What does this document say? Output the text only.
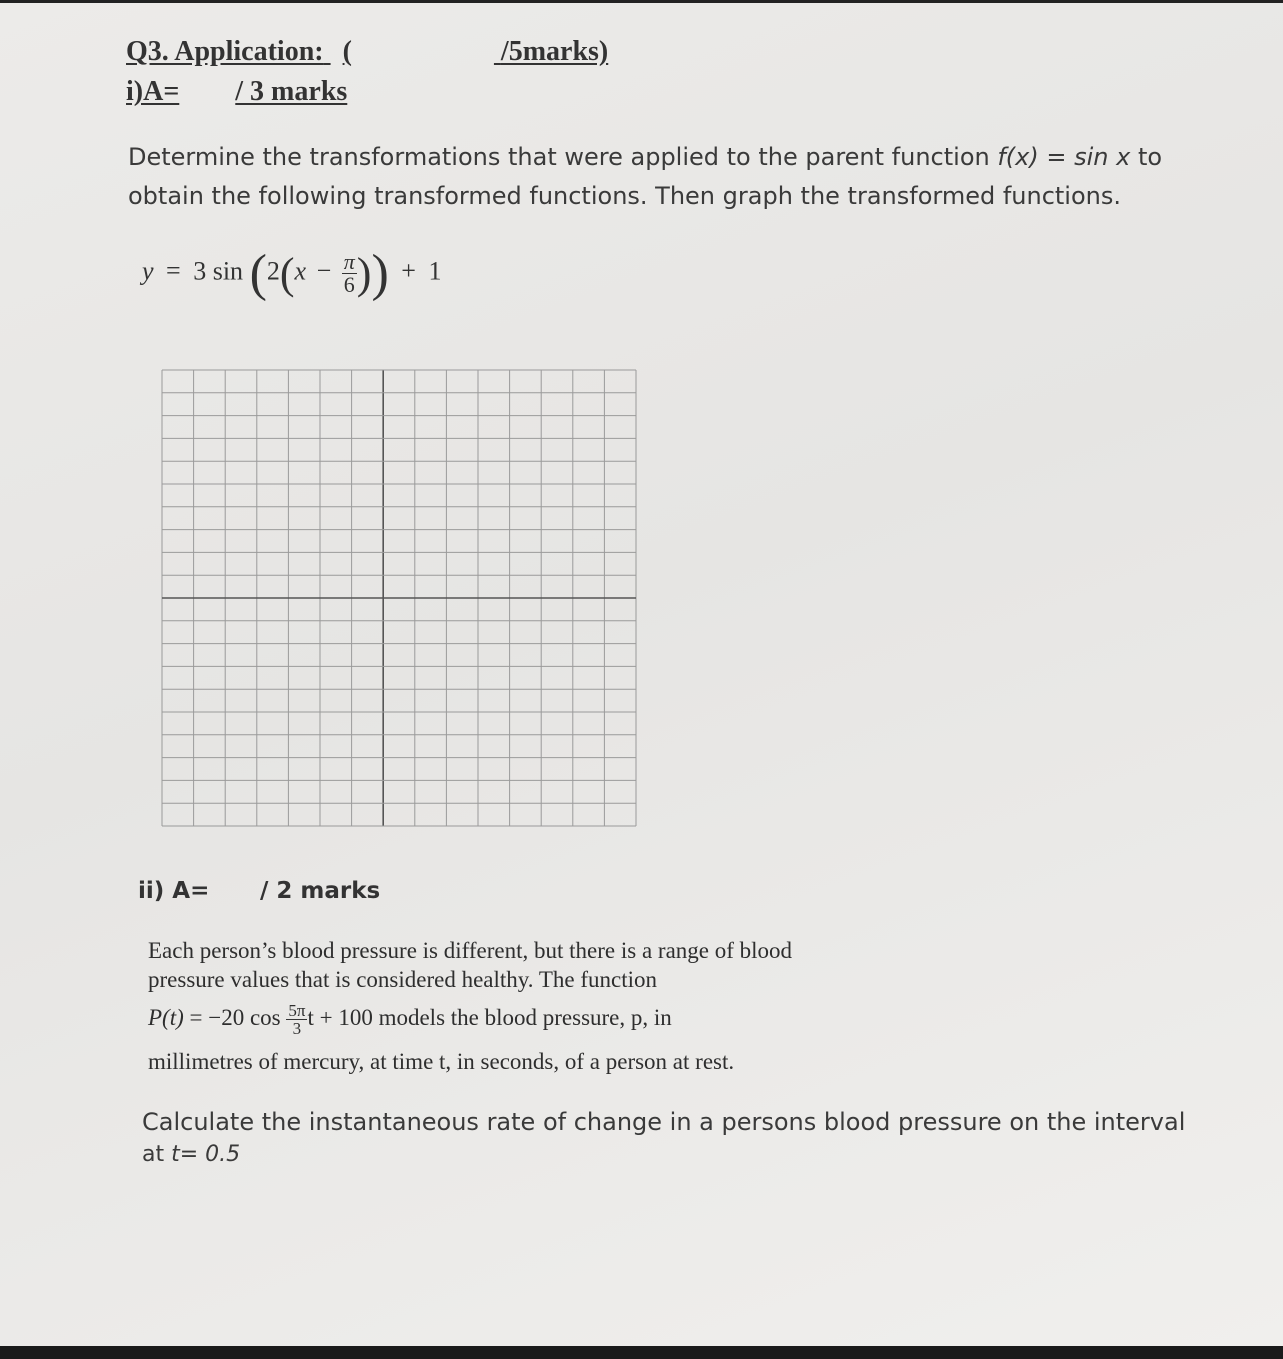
Q3. Application: (	/5marks)
i)A= / 3 marks
Determine the transformations that were applied to the parent function f(x) = sin x to
obtain the following transformed functions. Then graph the transformed functions.
y = 3 $\sin (2(x - \frac{\pi}{6}$ )) + 1
ii) A= / 2 marks
Each person’s blood pressure is different, but there is a range of blood
pressure values that is considered healthy. The function
P(t) = −20 $\cos \frac{5\pi}{3}$ t + 100 models the blood pressure, p, in
millimetres of mercury, at time t, in seconds, of a person at rest.
Calculate the instantaneous rate of change in a persons blood pressure on the interval
at t= 0.5
